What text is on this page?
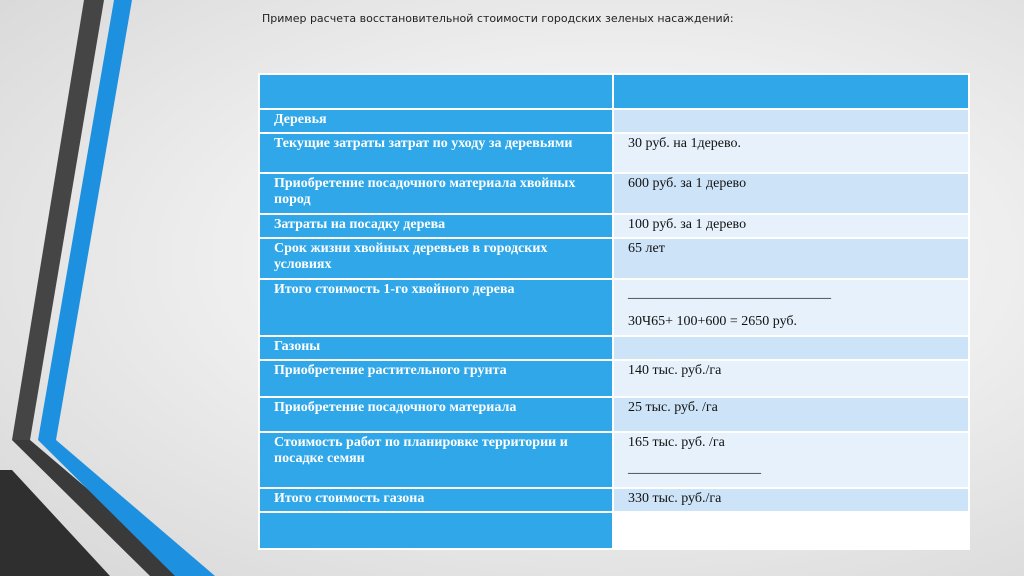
Пример расчета восстановительной стоимости городских зеленых насаждений:

Деревья	
Текущие затраты затрат по уходу за деревьями	30 руб. на 1дерево.
Приобретение посадочного материала хвойных пород	600 руб. за 1 дерево
Затраты на посадку дерева	100 руб. за 1 дерево
Срок жизни хвойных деревьев в городских условиях	65 лет
Итого стоимость 1-го хвойного дерева	_____________________________
30Ч65+ 100+600 = 2650 руб.

Газоны	
Приобретение растительного грунта	140 тыс. руб./га
Приобретение посадочного материала	25 тыс. руб. /га
Стоимость работ по планировке территории и посадке семян	165 тыс. руб. /га
___________________

Итого стоимость газона	330 тыс. руб./га
